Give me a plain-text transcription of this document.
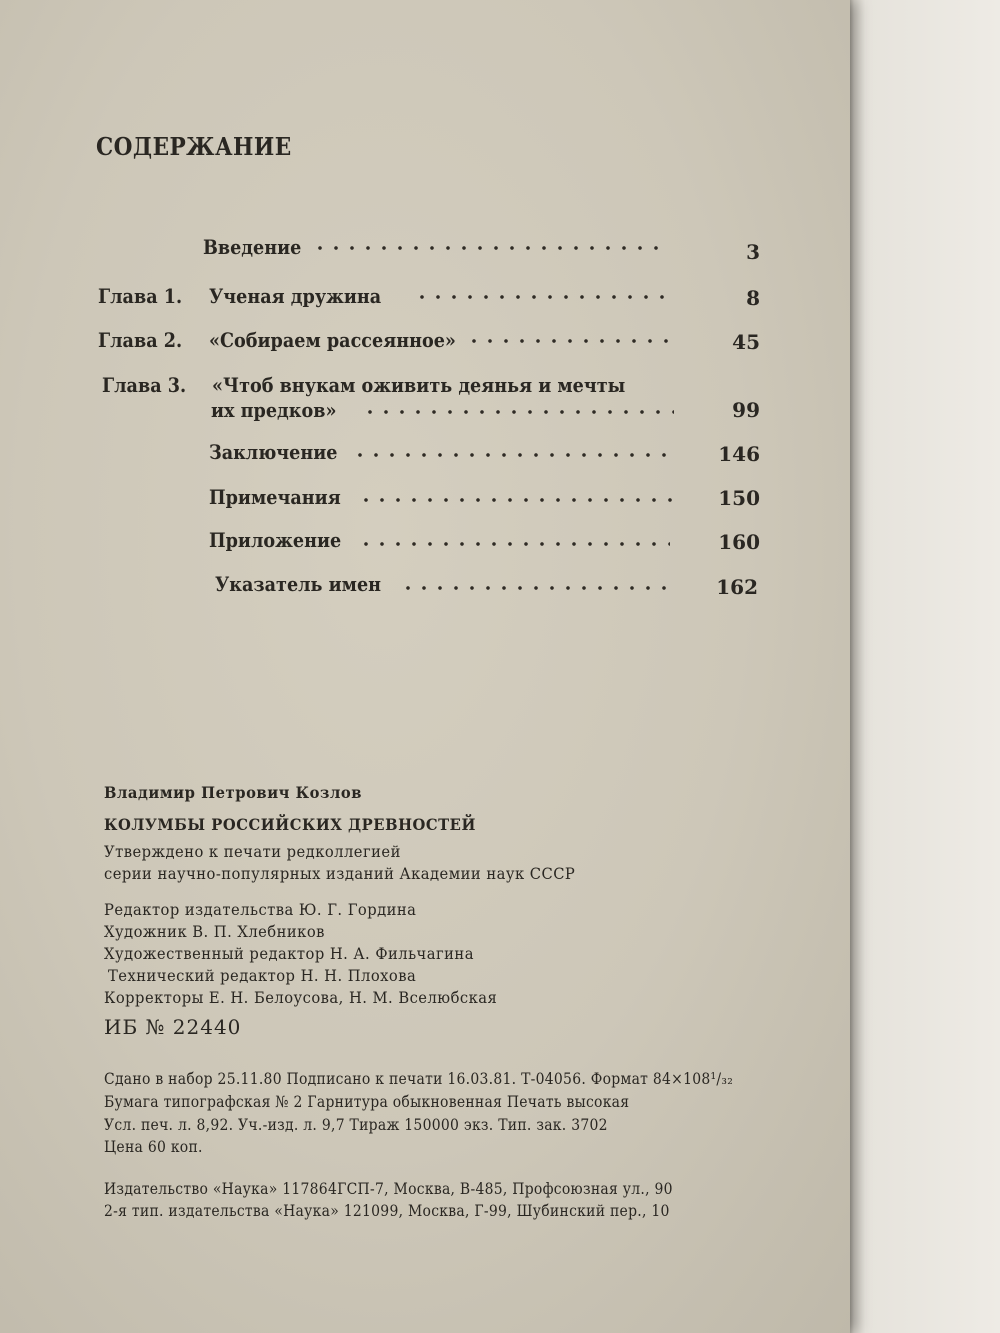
СОДЕРЖАНИЕ
Введение	3
Глава 1. Ученая дружина	8
Глава 2. «Собираем рассеянное»	45
Глава 3. «Чтоб внукам оживить деянья и мечты
их предков»	99
Заключение	146
Примечания	150
Приложение	160
Указатель имен	162
Владимир Петрович Козлов
КОЛУМБЫ РОССИЙСКИХ ДРЕВНОСТЕЙ
Утверждено к печати редколлегией
серии научно-популярных изданий Академии наук СССР
Редактор издательства Ю. Г. Гордина
Художник В. П. Хлебников
Художественный редактор Н. А. Фильчагина
Технический редактор Н. Н. Плохова
Корректоры Е. Н. Белоусова, Н. М. Вселюбская
ИБ № 22440
Сдано в набор 25.11.80 Подписано к печати 16.03.81. Т-04056. Формат 84×108¹/₃₂
Бумага типографская № 2 Гарнитура обыкновенная Печать высокая
Усл. печ. л. 8,92. Уч.-изд. л. 9,7 Тираж 150000 экз. Тип. зак. 3702
Цена 60 коп.
Издательство «Наука» 117864ГСП-7, Москва, В-485, Профсоюзная ул., 90
2-я тип. издательства «Наука» 121099, Москва, Г-99, Шубинский пер., 10
